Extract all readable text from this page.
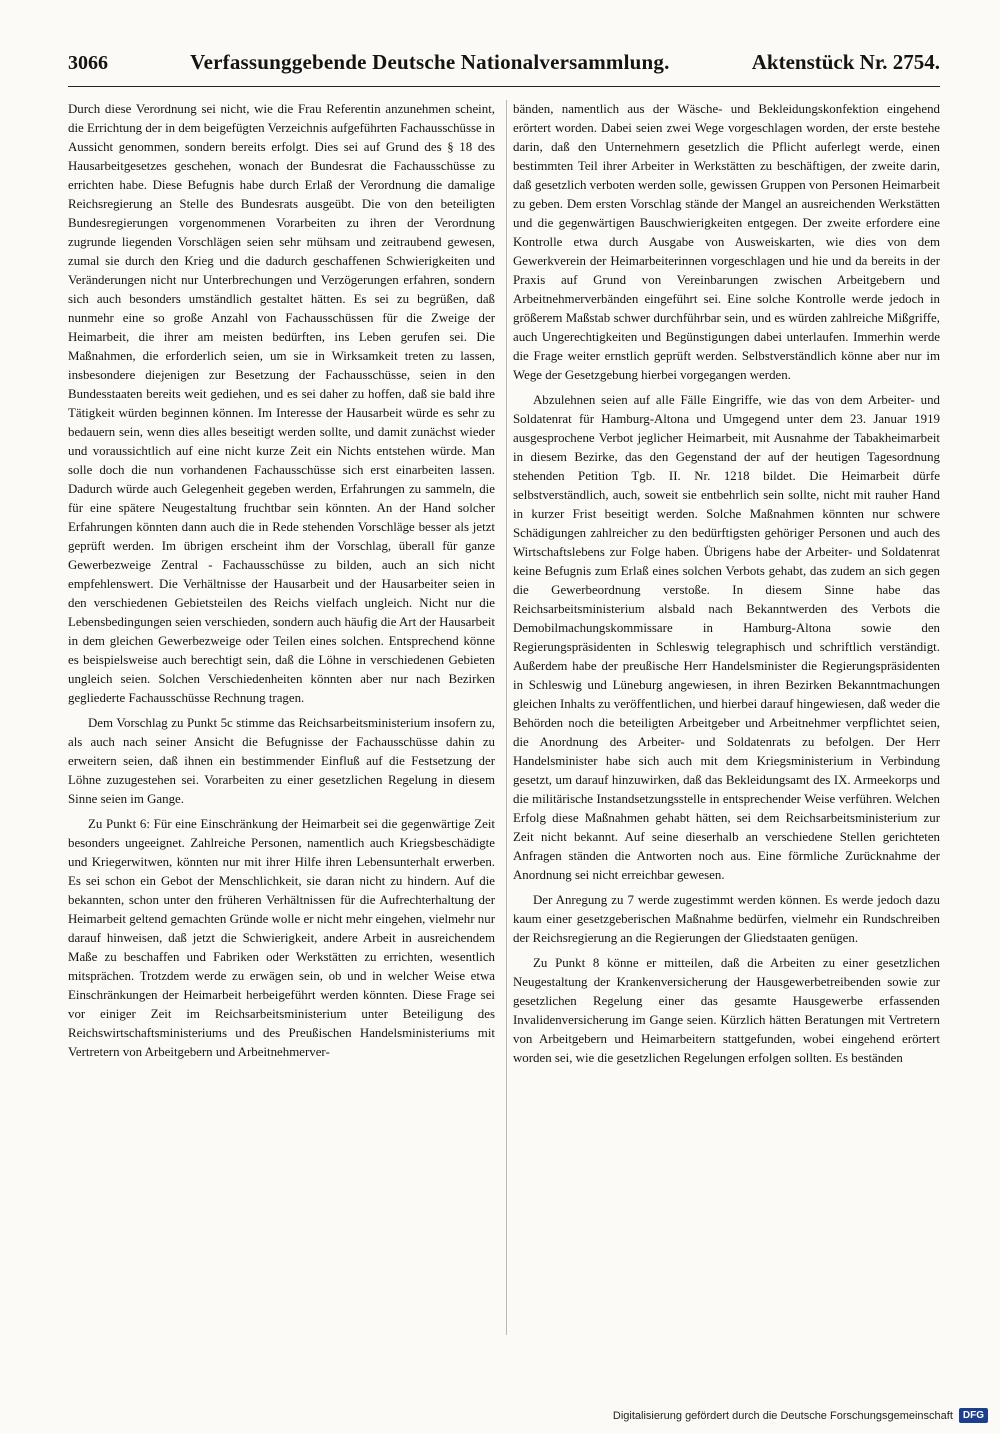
3066	Verfassunggebende Deutsche Nationalversammlung.	Aktenstück Nr. 2754.

Durch diese Verordnung sei nicht, wie die Frau Referentin anzunehmen scheint, die Errichtung der in dem beigefügten Verzeichnis aufgeführten Fachausschüsse in Aussicht genommen, sondern bereits erfolgt. Dies sei auf Grund des § 18 des Hausarbeitgesetzes geschehen, wonach der Bundesrat die Fachausschüsse zu errichten habe. Diese Befugnis habe durch Erlaß der Verordnung die damalige Reichsregierung an Stelle des Bundesrats ausgeübt. Die von den beteiligten Bundesregierungen vorgenommenen Vorarbeiten zu ihren der Verordnung zugrunde liegenden Vorschlägen seien sehr mühsam und zeitraubend gewesen, zumal sie durch den Krieg und die dadurch geschaffenen Schwierigkeiten und Veränderungen nicht nur Unterbrechungen und Verzögerungen erfahren, sondern sich auch besonders umständlich gestaltet hätten. Es sei zu begrüßen, daß nunmehr eine so große Anzahl von Fachausschüssen für die Zweige der Heimarbeit, die ihrer am meisten bedürften, ins Leben gerufen sei. Die Maßnahmen, die erforderlich seien, um sie in Wirksamkeit treten zu lassen, insbesondere diejenigen zur Besetzung der Fachausschüsse, seien in den Bundesstaaten bereits weit gediehen, und es sei daher zu hoffen, daß sie bald ihre Tätigkeit würden beginnen können. Im Interesse der Hausarbeit würde es sehr zu bedauern sein, wenn dies alles beseitigt werden sollte, und damit zunächst wieder und voraussichtlich auf eine nicht kurze Zeit ein Nichts entstehen würde. Man solle doch die nun vorhandenen Fachausschüsse sich erst einarbeiten lassen. Dadurch würde auch Gelegenheit gegeben werden, Erfahrungen zu sammeln, die für eine spätere Neugestaltung fruchtbar sein könnten. An der Hand solcher Erfahrungen könnten dann auch die in Rede stehenden Vorschläge besser als jetzt geprüft werden. Im übrigen erscheint ihm der Vorschlag, überall für ganze Gewerbezweige Zentral - Fachausschüsse zu bilden, auch an sich nicht empfehlenswert. Die Verhältnisse der Hausarbeit und der Hausarbeiter seien in den verschiedenen Gebietsteilen des Reichs vielfach ungleich. Nicht nur die Lebensbedingungen seien verschieden, sondern auch häufig die Art der Hausarbeit in dem gleichen Gewerbezweige oder Teilen eines solchen. Entsprechend könne es beispielsweise auch berechtigt sein, daß die Löhne in verschiedenen Gebieten ungleich seien. Solchen Verschiedenheiten könnten aber nur nach Bezirken gegliederte Fachausschüsse Rechnung tragen.

Dem Vorschlag zu Punkt 5c stimme das Reichsarbeitsministerium insofern zu, als auch nach seiner Ansicht die Befugnisse der Fachausschüsse dahin zu erweitern seien, daß ihnen ein bestimmender Einfluß auf die Festsetzung der Löhne zuzugestehen sei. Vorarbeiten zu einer gesetzlichen Regelung in diesem Sinne seien im Gange.

Zu Punkt 6: Für eine Einschränkung der Heimarbeit sei die gegenwärtige Zeit besonders ungeeignet. Zahlreiche Personen, namentlich auch Kriegsbeschädigte und Kriegerwitwen, könnten nur mit ihrer Hilfe ihren Lebensunterhalt erwerben. Es sei schon ein Gebot der Menschlichkeit, sie daran nicht zu hindern. Auf die bekannten, schon unter den früheren Verhältnissen für die Aufrechterhaltung der Heimarbeit geltend gemachten Gründe wolle er nicht mehr eingehen, vielmehr nur darauf hinweisen, daß jetzt die Schwierigkeit, andere Arbeit in ausreichendem Maße zu beschaffen und Fabriken oder Werkstätten zu errichten, wesentlich mitsprächen. Trotzdem werde zu erwägen sein, ob und in welcher Weise etwa Einschränkungen der Heimarbeit herbeigeführt werden könnten. Diese Frage sei vor einiger Zeit im Reichsarbeitsministerium unter Beteiligung des Reichswirtschaftsministeriums und des Preußischen Handelsministeriums mit Vertretern von Arbeitgebern und Arbeitnehmerver-

bänden, namentlich aus der Wäsche- und Bekleidungskonfektion eingehend erörtert worden. Dabei seien zwei Wege vorgeschlagen worden, der erste bestehe darin, daß den Unternehmern gesetzlich die Pflicht auferlegt werde, einen bestimmten Teil ihrer Arbeiter in Werkstätten zu beschäftigen, der zweite darin, daß gesetzlich verboten werden solle, gewissen Gruppen von Personen Heimarbeit zu geben. Dem ersten Vorschlag stände der Mangel an ausreichenden Werkstätten und die gegenwärtigen Bauschwierigkeiten entgegen. Der zweite erfordere eine Kontrolle etwa durch Ausgabe von Ausweiskarten, wie dies von dem Gewerkverein der Heimarbeiterinnen vorgeschlagen und hie und da bereits in der Praxis auf Grund von Vereinbarungen zwischen Arbeitgebern und Arbeitnehmerverbänden eingeführt sei. Eine solche Kontrolle werde jedoch in größerem Maßstab schwer durchführbar sein, und es würden zahlreiche Mißgriffe, auch Ungerechtigkeiten und Begünstigungen dabei unterlaufen. Immerhin werde die Frage weiter ernstlich geprüft werden. Selbstverständlich könne aber nur im Wege der Gesetzgebung hierbei vorgegangen werden.

Abzulehnen seien auf alle Fälle Eingriffe, wie das von dem Arbeiter- und Soldatenrat für Hamburg-Altona und Umgegend unter dem 23. Januar 1919 ausgesprochene Verbot jeglicher Heimarbeit, mit Ausnahme der Tabakheimarbeit in diesem Bezirke, das den Gegenstand der auf der heutigen Tagesordnung stehenden Petition Tgb. II. Nr. 1218 bildet. Die Heimarbeit dürfe selbstverständlich, auch, soweit sie entbehrlich sein sollte, nicht mit rauher Hand in kurzer Frist beseitigt werden. Solche Maßnahmen könnten nur schwere Schädigungen zahlreicher zu den bedürftigsten gehöriger Personen und auch des Wirtschaftslebens zur Folge haben. Übrigens habe der Arbeiter- und Soldatenrat keine Befugnis zum Erlaß eines solchen Verbots gehabt, das zudem an sich gegen die Gewerbeordnung verstoße. In diesem Sinne habe das Reichsarbeitsministerium alsbald nach Bekanntwerden des Verbots die Demobilmachungskommissare in Hamburg-Altona sowie den Regierungspräsidenten in Schleswig telegraphisch und schriftlich verständigt. Außerdem habe der preußische Herr Handelsminister die Regierungspräsidenten in Schleswig und Lüneburg angewiesen, in ihren Bezirken Bekanntmachungen gleichen Inhalts zu veröffentlichen, und hierbei darauf hingewiesen, daß weder die Behörden noch die beteiligten Arbeitgeber und Arbeitnehmer verpflichtet seien, die Anordnung des Arbeiter- und Soldatenrats zu befolgen. Der Herr Handelsminister habe sich auch mit dem Kriegsministerium in Verbindung gesetzt, um darauf hinzuwirken, daß das Bekleidungsamt des IX. Armeekorps und die militärische Instandsetzungsstelle in entsprechender Weise verführen. Welchen Erfolg diese Maßnahmen gehabt hätten, sei dem Reichsarbeitsministerium zur Zeit nicht bekannt. Auf seine dieserhalb an verschiedene Stellen gerichteten Anfragen ständen die Antworten noch aus. Eine förmliche Zurücknahme der Anordnung sei nicht erreichbar gewesen.

Der Anregung zu 7 werde zugestimmt werden können. Es werde jedoch dazu kaum einer gesetzgeberischen Maßnahme bedürfen, vielmehr ein Rundschreiben der Reichsregierung an die Regierungen der Gliedstaaten genügen.

Zu Punkt 8 könne er mitteilen, daß die Arbeiten zu einer gesetzlichen Neugestaltung der Krankenversicherung der Hausgewerbetreibenden sowie zur gesetzlichen Regelung einer das gesamte Hausgewerbe erfassenden Invalidenversicherung im Gange seien. Kürzlich hätten Beratungen mit Vertretern von Arbeitgebern und Heimarbeitern stattgefunden, wobei eingehend erörtert worden sei, wie die gesetzlichen Regelungen erfolgen sollten. Es beständen

Digitalisierung gefördert durch die Deutsche Forschungsgemeinschaft	DFG
